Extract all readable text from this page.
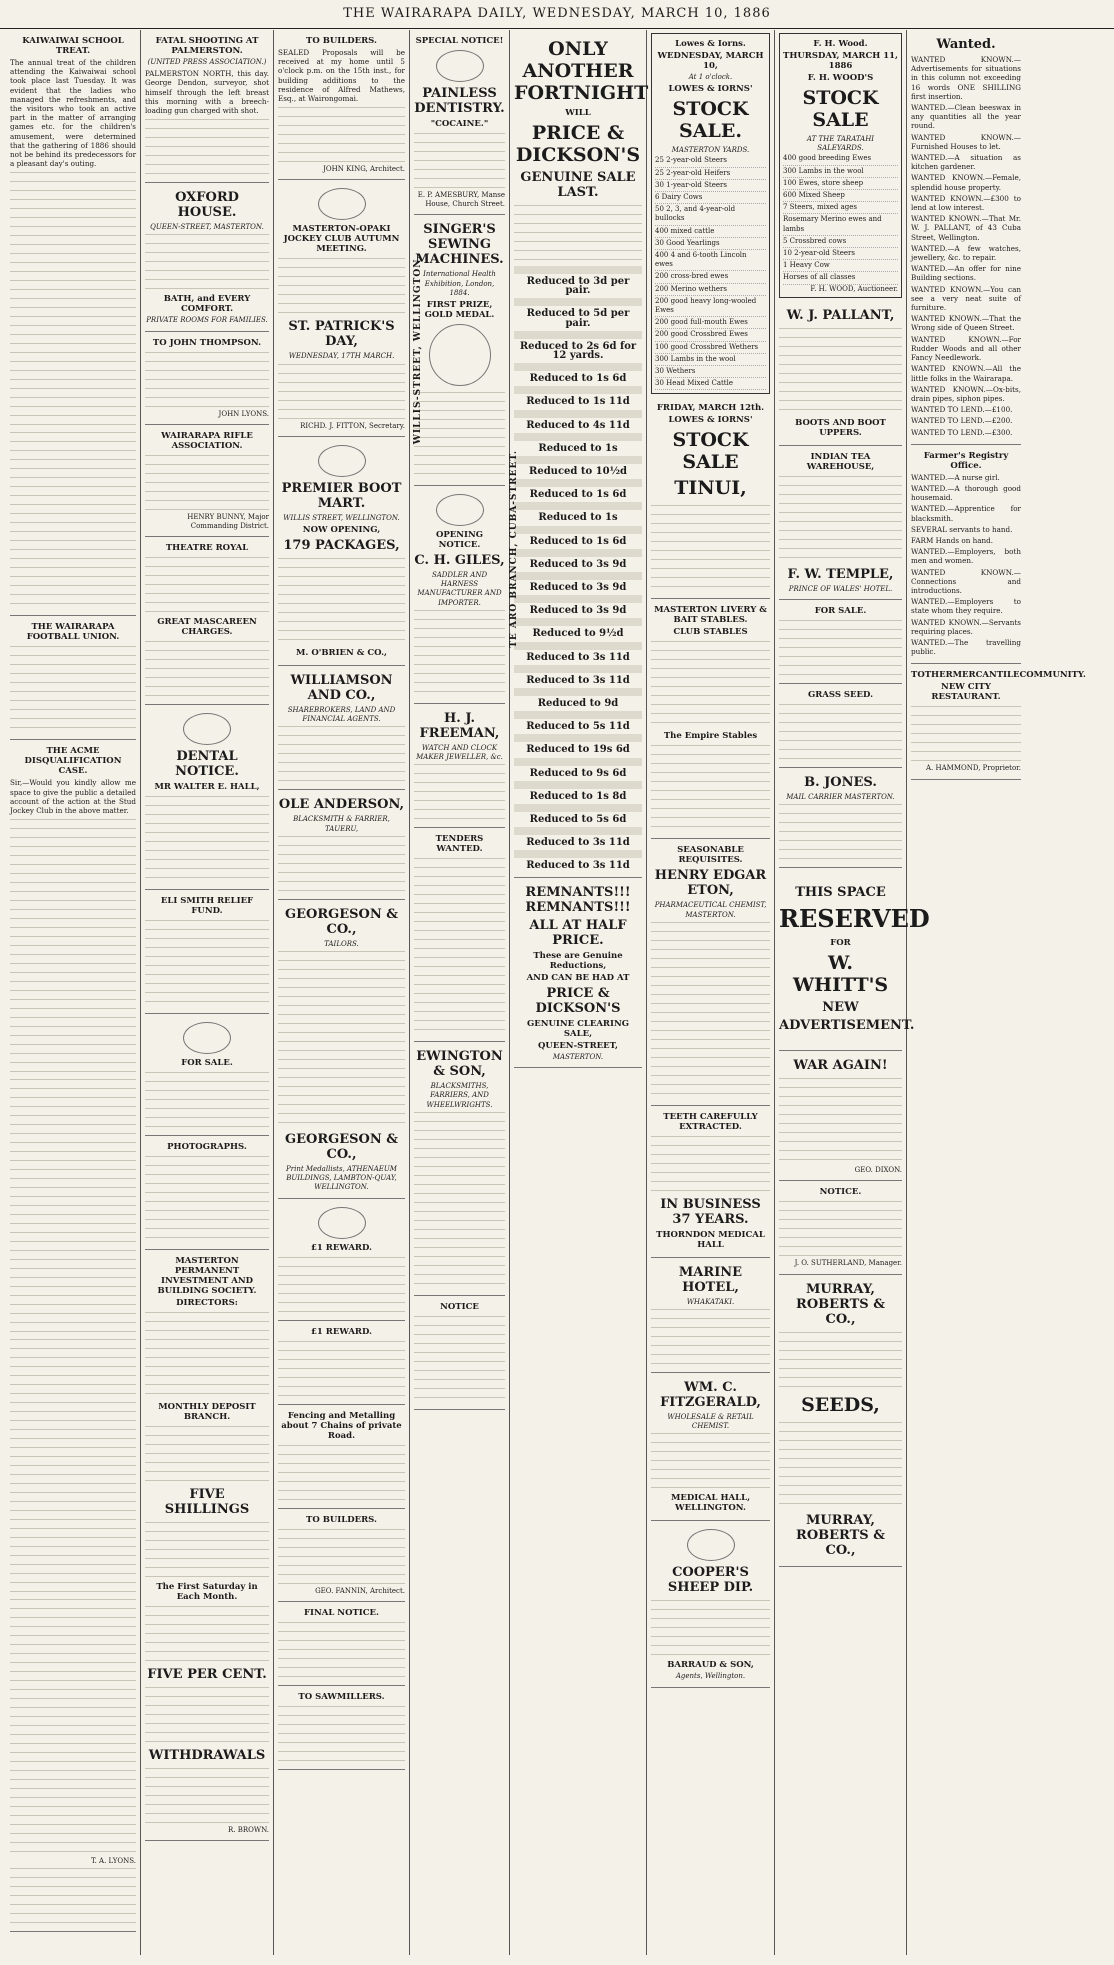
THE WAIRARAPA DAILY, WEDNESDAY, MARCH 10, 1886
KAIWAIWAI SCHOOL TREAT.
The annual treat of the children attending the Kaiwaiwai school took place last Tuesday. It was evident that the ladies who managed the refreshments, and the visitors who took an active part in the matter of arranging games etc. for the children's amusement, were determined that the gathering of 1886 should not be behind its predecessors for a pleasant day's outing.
THE WAIRARAPA FOOTBALL UNION.
THE ACME DISQUALIFICATION CASE.
Sir,—Would you kindly allow me space to give the public a detailed account of the action at the Stud Jockey Club in the above matter.
T. A. LYONS.
FATAL SHOOTING AT PALMERSTON.
(UNITED PRESS ASSOCIATION.)
PALMERSTON NORTH, this day. George Dendon, surveyor, shot himself through the left breast this morning with a breech-loading gun charged with shot.
OXFORD HOUSE.
QUEEN-STREET, MASTERTON.
BATH, and EVERY COMFORT.
PRIVATE ROOMS FOR FAMILIES.
TO JOHN THOMPSON.
JOHN LYONS.
WAIRARAPA RIFLE ASSOCIATION.
HENRY BUNNY, Major Commanding District.
THEATRE ROYAL
GREAT MASCAREEN CHARGES.
DENTAL NOTICE.
MR WALTER E. HALL,
ELI SMITH RELIEF FUND.
FOR SALE.
PHOTOGRAPHS.
MASTERTON PERMANENT INVESTMENT AND BUILDING SOCIETY.
DIRECTORS:
MONTHLY DEPOSIT BRANCH.
FIVE SHILLINGS
The First Saturday in Each Month.
FIVE PER CENT.
WITHDRAWALS
R. BROWN.
TO BUILDERS.
SEALED Proposals will be received at my home until 5 o'clock p.m. on the 15th inst., for building additions to the residence of Alfred Mathews, Esq., at Wairongomai.
JOHN KING, Architect.
MASTERTON-OPAKI JOCKEY CLUB AUTUMN MEETING.
ST. PATRICK'S DAY,
WEDNESDAY, 17TH MARCH.
RICHD. J. FITTON, Secretary.
PREMIER BOOT MART.
WILLIS STREET, WELLINGTON.
NOW OPENING,
179 PACKAGES,
M. O'BRIEN & CO.,
WILLIAMSON AND CO.,
SHAREBROKERS, LAND AND FINANCIAL AGENTS.
OLE ANDERSON,
BLACKSMITH & FARRIER, TAUERU,
GEORGESON & CO.,
TAILORS.
GEORGESON & CO.,
Print Medallists, ATHENAEUM BUILDINGS, LAMBTON-QUAY, WELLINGTON.
£1 REWARD.
£1 REWARD.
Fencing and Metalling about 7 Chains of private Road.
TO BUILDERS.
GEO. FANNIN, Architect.
FINAL NOTICE.
TO SAWMILLERS.
SPECIAL NOTICE!
PAINLESS DENTISTRY.
"COCAINE."
E. P. AMESBURY, Manse House, Church Street.
SINGER'S SEWING MACHINES.
International Health Exhibition, London, 1884.
FIRST PRIZE, GOLD MEDAL.
WILLIS-STREET, WELLINGTON.
OPENING NOTICE.
C. H. GILES,
SADDLER AND HARNESS MANUFACTURER AND IMPORTER.
H. J. FREEMAN,
WATCH AND CLOCK MAKER JEWELLER, &c.
TENDERS WANTED.
EWINGTON & SON,
BLACKSMITHS, FARRIERS, AND WHEELWRIGHTS.
NOTICE
ONLY ANOTHER FORTNIGHT
WILL
PRICE & DICKSON'S
GENUINE SALE LAST.
Reduced to 3d per pair.
Reduced to 5d per pair.
Reduced to 2s 6d for 12 yards.
Reduced to 1s 6d
Reduced to 1s 11d
Reduced to 4s 11d
Reduced to 1s
Reduced to 10½d
Reduced to 1s 6d
Reduced to 1s
Reduced to 1s 6d
Reduced to 3s 9d
Reduced to 3s 9d
Reduced to 3s 9d
Reduced to 9½d
Reduced to 3s 11d
Reduced to 3s 11d
Reduced to 9d
Reduced to 5s 11d
Reduced to 19s 6d
Reduced to 9s 6d
Reduced to 1s 8d
Reduced to 5s 6d
Reduced to 3s 11d
Reduced to 3s 11d
REMNANTS!!! REMNANTS!!!
ALL AT HALF PRICE.
These are Genuine Reductions,
AND CAN BE HAD AT
PRICE & DICKSON'S
GENUINE CLEARING SALE,
QUEEN-STREET,
MASTERTON.
TE ARO BRANCH, CUBA-STREET.
Lowes & Iorns.
WEDNESDAY, MARCH 10,
At 1 o'clock.
LOWES & IORNS'
STOCK SALE.
MASTERTON YARDS.
25 2-year-old Steers
25 2-year-old Heifers
30 1-year-old Steers
6 Dairy Cows
50 2, 3, and 4-year-old bullocks
400 mixed cattle
30 Good Yearlings
400 4 and 6-tooth Lincoln ewes
200 cross-bred ewes
200 Merino wethers
200 good heavy long-wooled Ewes
200 good full-mouth Ewes
200 good Crossbred Ewes
100 good Crossbred Wethers
300 Lambs in the wool
30 Wethers
30 Head Mixed Cattle
FRIDAY, MARCH 12th.
LOWES & IORNS'
STOCK SALE
TINUI,
MASTERTON LIVERY & BAIT STABLES.
CLUB STABLES
The Empire Stables
SEASONABLE REQUISITES.
HENRY EDGAR ETON,
PHARMACEUTICAL CHEMIST, MASTERTON.
TEETH CAREFULLY EXTRACTED.
IN BUSINESS 37 YEARS.
THORNDON MEDICAL HALL
MARINE HOTEL,
WHAKATAKI.
WM. C. FITZGERALD,
WHOLESALE & RETAIL CHEMIST.
MEDICAL HALL, WELLINGTON.
COOPER'S SHEEP DIP.
BARRAUD & SON,
Agents, Wellington.
F. H. Wood.
THURSDAY, MARCH 11, 1886
F. H. WOOD'S
STOCK SALE
AT THE TARATAHI SALEYARDS.
400 good breeding Ewes
300 Lambs in the wool
100 Ewes, store sheep
600 Mixed Sheep
7 Steers, mixed ages
Rosemary Merino ewes and lambs
5 Crossbred cows
10 2-year-old Steers
1 Heavy Cow
Horses of all classes
F. H. WOOD, Auctioneer.
W. J. PALLANT,
BOOTS AND BOOT UPPERS.
INDIAN TEA WAREHOUSE,
F. W. TEMPLE,
PRINCE OF WALES' HOTEL.
FOR SALE.
GRASS SEED.
B. JONES.
MAIL CARRIER MASTERTON.
THIS SPACE
RESERVED
FOR
W. WHITT'S
NEW
ADVERTISEMENT.
WAR AGAIN!
GEO. DIXON.
NOTICE.
J. O. SUTHERLAND, Manager.
MURRAY, ROBERTS & CO.,
SEEDS,
MURRAY, ROBERTS & CO.,
Wanted.
WANTED KNOWN.—Advertisements for situations in this column not exceeding 16 words ONE SHILLING first insertion.
WANTED.—Clean beeswax in any quantities all the year round.
WANTED KNOWN.—Furnished Houses to let.
WANTED.—A situation as kitchen gardener.
WANTED KNOWN.—Female, splendid house property.
WANTED KNOWN.—£300 to lend at low interest.
WANTED KNOWN.—That Mr. W. J. PALLANT, of 43 Cuba Street, Wellington.
WANTED.—A few watches, jewellery, &c. to repair.
WANTED.—An offer for nine Building sections.
WANTED KNOWN.—You can see a very neat suite of furniture.
WANTED KNOWN.—That the Wrong side of Queen Street.
WANTED KNOWN.—For Rudder Woods and all other Fancy Needlework.
WANTED KNOWN.—All the little folks in the Wairarapa.
WANTED KNOWN.—Ox-bits, drain pipes, siphon pipes.
WANTED TO LEND.—£100.
WANTED TO LEND.—£200.
WANTED TO LEND.—£300.
Farmer's Registry Office.
WANTED.—A nurse girl.
WANTED.—A thorough good housemaid.
WANTED.—Apprentice for blacksmith.
SEVERAL servants to hand.
FARM Hands on hand.
WANTED.—Employers, both men and women.
WANTED KNOWN.—Connections and introductions.
WANTED.—Employers to state whom they require.
WANTED KNOWN.—Servants requiring places.
WANTED.—The travelling public.
TOTHERMERCANTILECOMMUNITY.
NEW CITY RESTAURANT.
A. HAMMOND, Proprietor.
